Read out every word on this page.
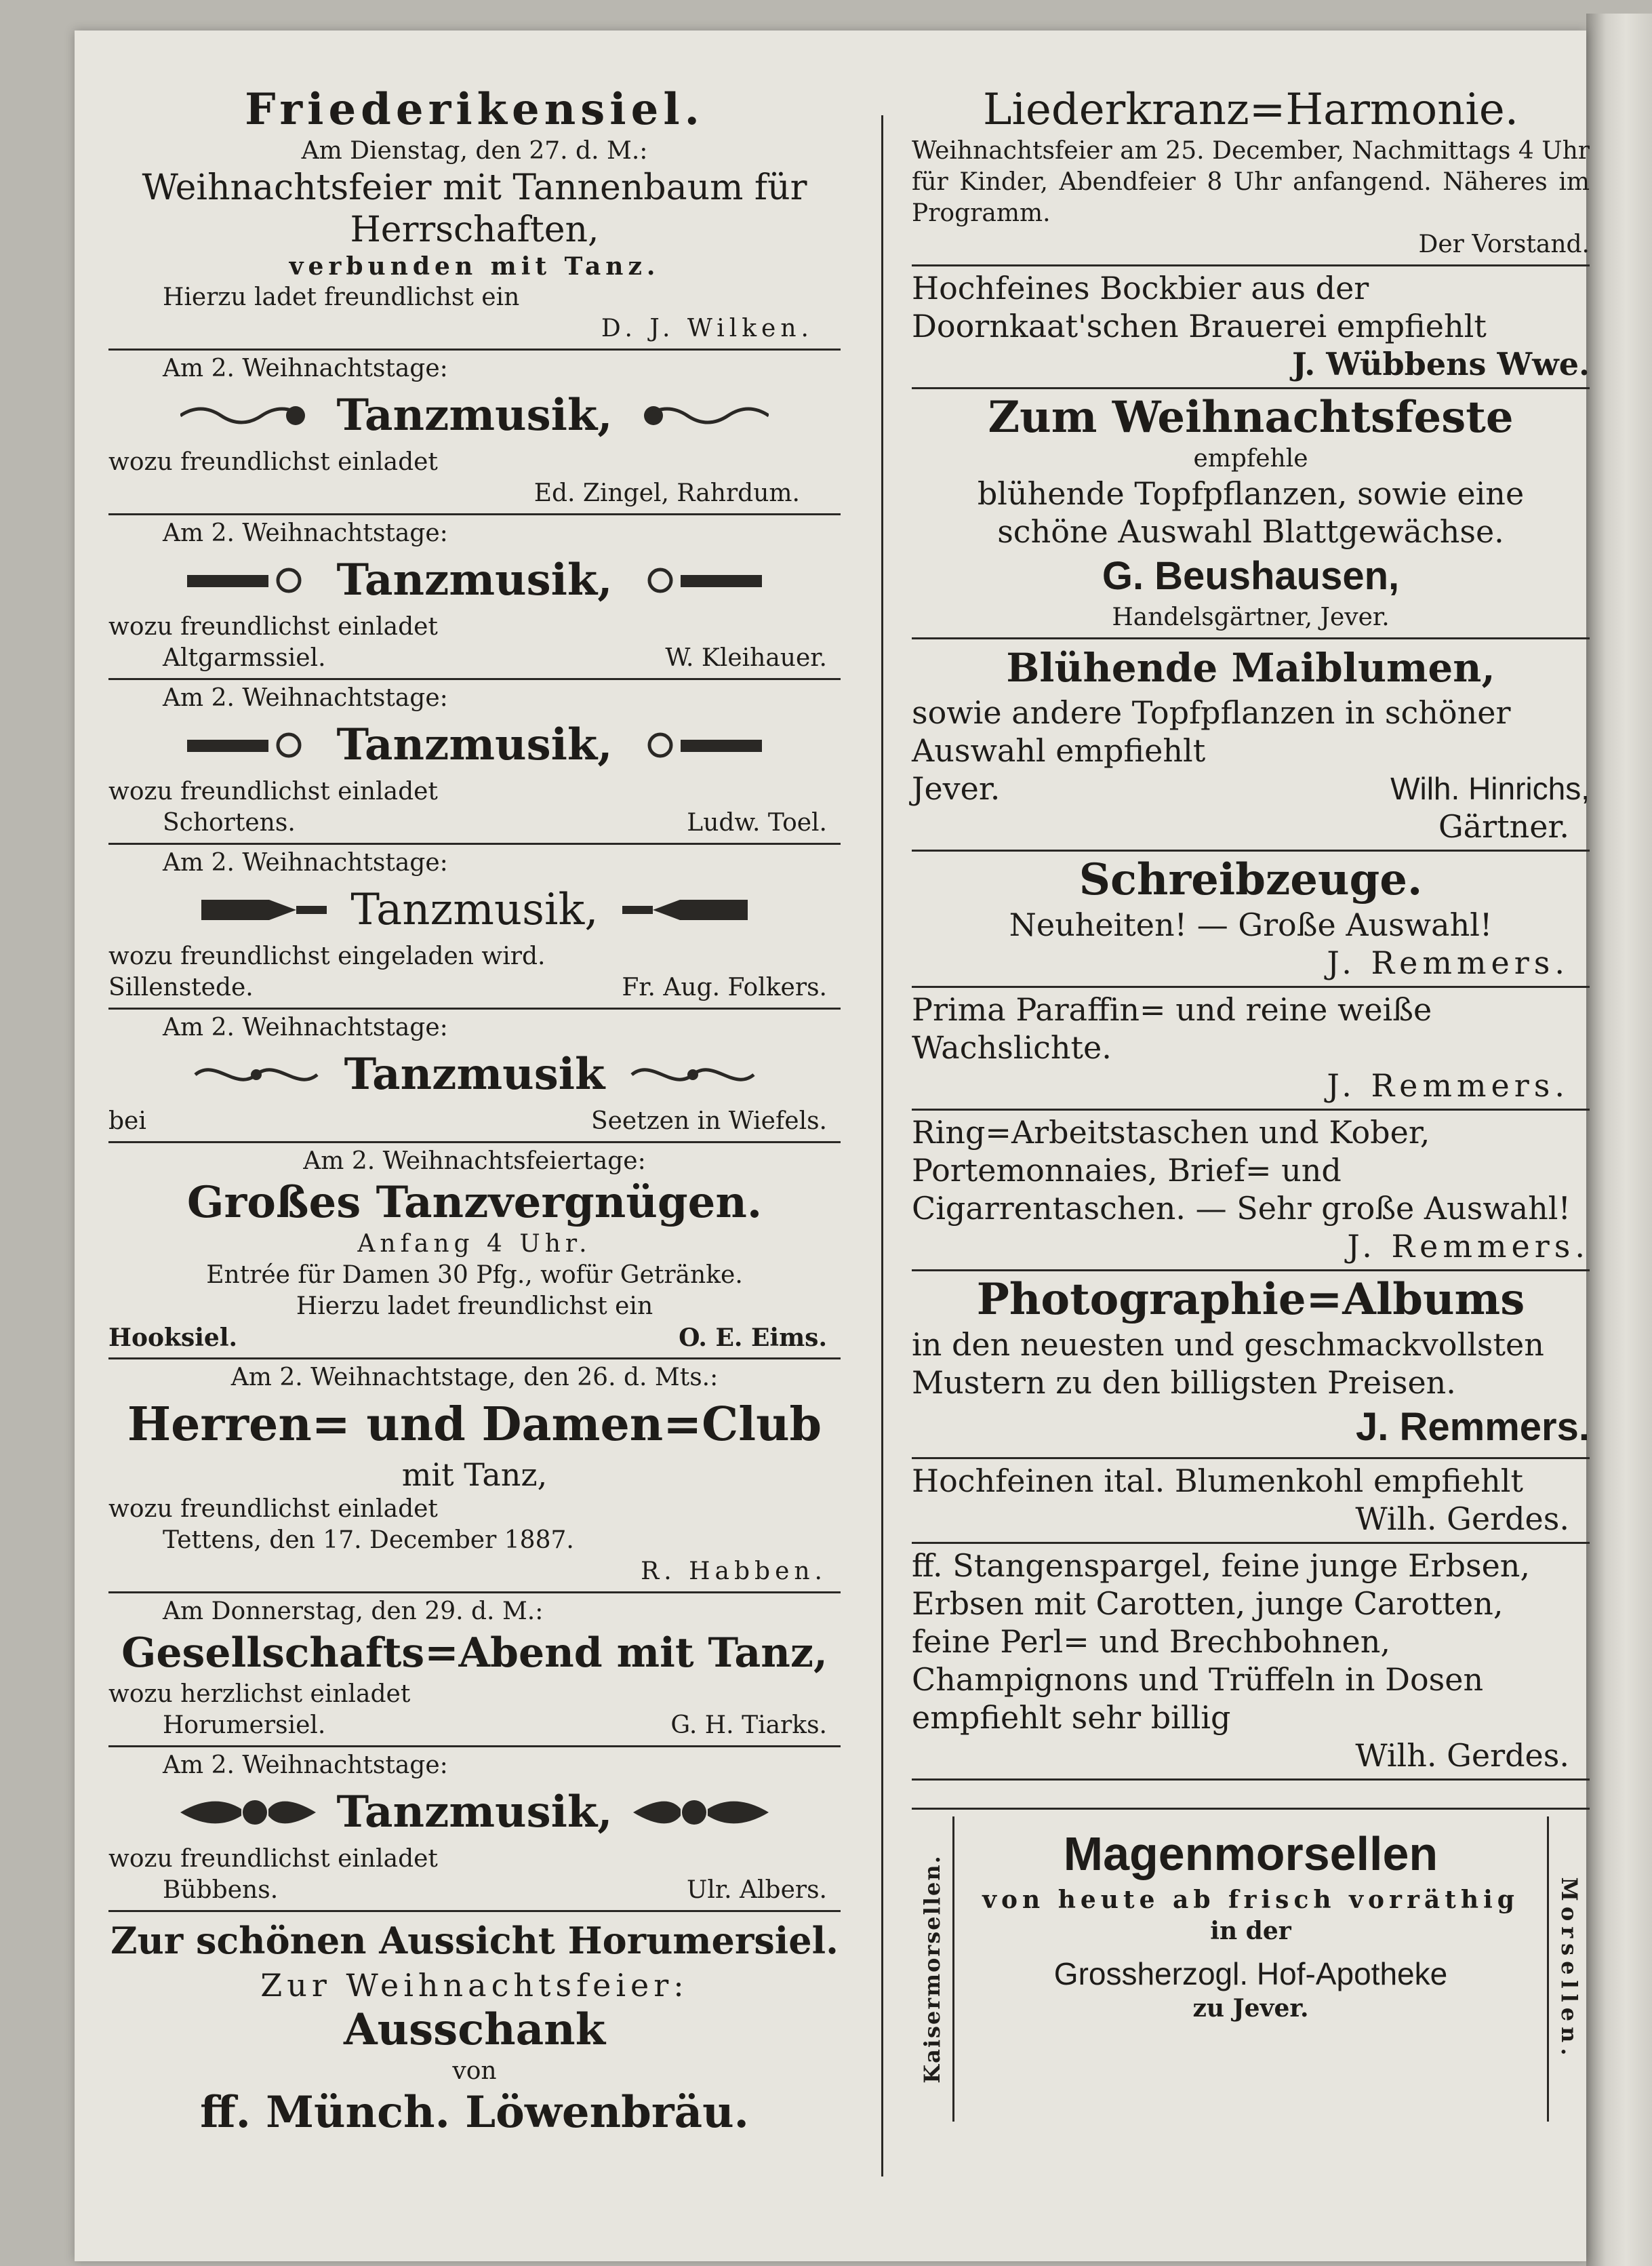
Friederikensiel.
Am Dienstag, den 27. d. M.:
Weihnachtsfeier mit Tannenbaum für
Herrschaften,
verbunden mit Tanz.
Hierzu ladet freundlichst ein
D. J. Wilken.
Am 2. Weihnachtstage:
Tanzmusik,
wozu freundlichst einladet
Ed. Zingel, Rahrdum.
Am 2. Weihnachtstage:
Tanzmusik,
wozu freundlichst einladet
Altgarmssiel.	W. Kleihauer.
Am 2. Weihnachtstage:
Tanzmusik,
wozu freundlichst einladet
Schortens.	Ludw. Toel.
Am 2. Weihnachtstage:
Tanzmusik,
wozu freundlichst eingeladen wird.
Sillenstede.	Fr. Aug. Folkers.
Am 2. Weihnachtstage:
Tanzmusik
bei	Seetzen in Wiefels.
Am 2. Weihnachtsfeiertage:
Großes Tanzvergnügen.
Anfang 4 Uhr.
Entrée für Damen 30 Pfg., wofür Getränke.
Hierzu ladet freundlichst ein
Hooksiel.	O. E. Eims.
Am 2. Weihnachtstage, den 26. d. Mts.:
Herren= und Damen=Club
mit Tanz,
wozu freundlichst einladet
Tettens, den 17. December 1887.
R. Habben.
Am Donnerstag, den 29. d. M.:
Gesellschafts=Abend mit Tanz,
wozu herzlichst einladet
Horumersiel.	G. H. Tiarks.
Am 2. Weihnachtstage:
Tanzmusik,
wozu freundlichst einladet
Bübbens.	Ulr. Albers.
Zur schönen Aussicht Horumersiel.
Zur Weihnachtsfeier:
Ausschank
von
ff. Münch. Löwenbräu.
Liederkranz=Harmonie.
Weihnachtsfeier am 25. December, Nachmittags 4 Uhr für Kinder, Abendfeier 8 Uhr anfangend. Näheres im Programm.
Der Vorstand.
Hochfeines Bockbier aus der Doornkaat'schen Brauerei empfiehlt
J. Wübbens Wwe.
Zum Weihnachtsfeste
empfehle
blühende Topfpflanzen, sowie eine
schöne Auswahl Blattgewächse.
G. Beushausen,
Handelsgärtner, Jever.
Blühende Maiblumen,
sowie andere Topfpflanzen in schöner Auswahl empfiehlt
Jever.	Wilh. Hinrichs,
Gärtner.
Schreibzeuge.
Neuheiten! — Große Auswahl!
J. Remmers.
Prima Paraffin= und reine weiße Wachslichte.
J. Remmers.
Ring=Arbeitstaschen und Kober, Portemonnaies, Brief= und Cigarrentaschen. — Sehr große Auswahl!
J. Remmers.
Photographie=Albums
in den neuesten und geschmackvollsten Mustern zu den billigsten Preisen.
J. Remmers.
Hochfeinen ital. Blumenkohl empfiehlt
Wilh. Gerdes.
ff. Stangenspargel, feine junge Erbsen, Erbsen mit Carotten, junge Carotten, feine Perl= und Brechbohnen, Champignons und Trüffeln in Dosen empfiehlt sehr billig
Wilh. Gerdes.
Kaisermorsellen.
Magenmorsellen
von heute ab frisch vorräthig
in der
Grossherzogl. Hof-Apotheke
zu Jever.	Morsellen.
